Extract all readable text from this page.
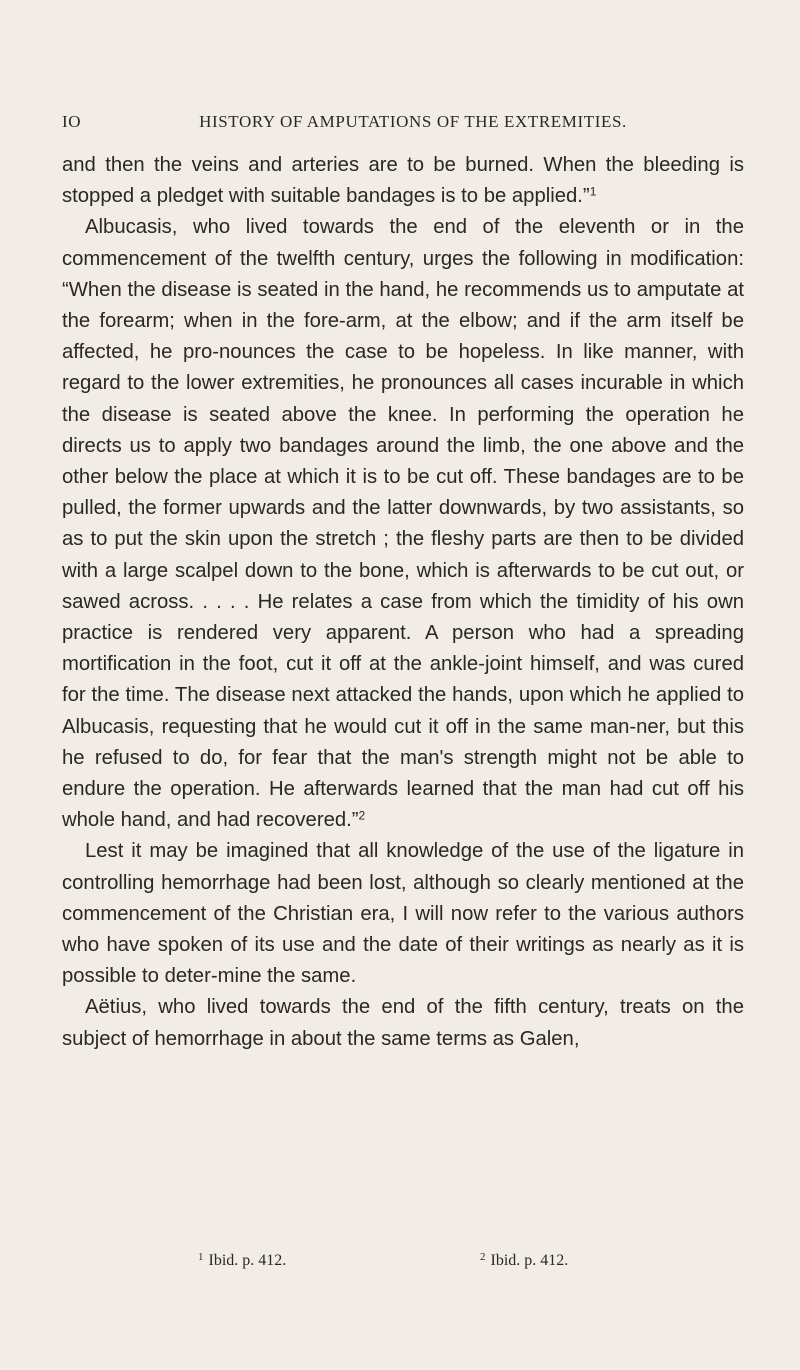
IO	HISTORY OF AMPUTATIONS OF THE EXTREMITIES.

and then the veins and arteries are to be burned. When the bleeding is stopped a pledget with suitable bandages is to be applied.”$^1$

Albucasis, who lived towards the end of the eleventh or in the commencement of the twelfth century, urges the following in modification: “When the disease is seated in the hand, he recommends us to amputate at the forearm; when in the fore-arm, at the elbow; and if the arm itself be affected, he pro-nounces the case to be hopeless. In like manner, with regard to the lower extremities, he pronounces all cases incurable in which the disease is seated above the knee. In performing the operation he directs us to apply two bandages around the limb, the one above and the other below the place at which it is to be cut off. These bandages are to be pulled, the former upwards and the latter downwards, by two assistants, so as to put the skin upon the stretch ; the fleshy parts are then to be divided with a large scalpel down to the bone, which is afterwards to be cut out, or sawed across. . . . . He relates a case from which the timidity of his own practice is rendered very apparent. A person who had a spreading mortification in the foot, cut it off at the ankle-joint himself, and was cured for the time. The disease next attacked the hands, upon which he applied to Albucasis, requesting that he would cut it off in the same man-ner, but this he refused to do, for fear that the man's strength might not be able to endure the operation. He afterwards learned that the man had cut off his whole hand, and had recovered.”$^2$

Lest it may be imagined that all knowledge of the use of the ligature in controlling hemorrhage had been lost, although so clearly mentioned at the commencement of the Christian era, I will now refer to the various authors who have spoken of its use and the date of their writings as nearly as it is possible to deter-mine the same.

Aëtius, who lived towards the end of the fifth century, treats on the subject of hemorrhage in about the same terms as Galen,

$^1$ Ibid. p. 412.	$^2$ Ibid. p. 412.
